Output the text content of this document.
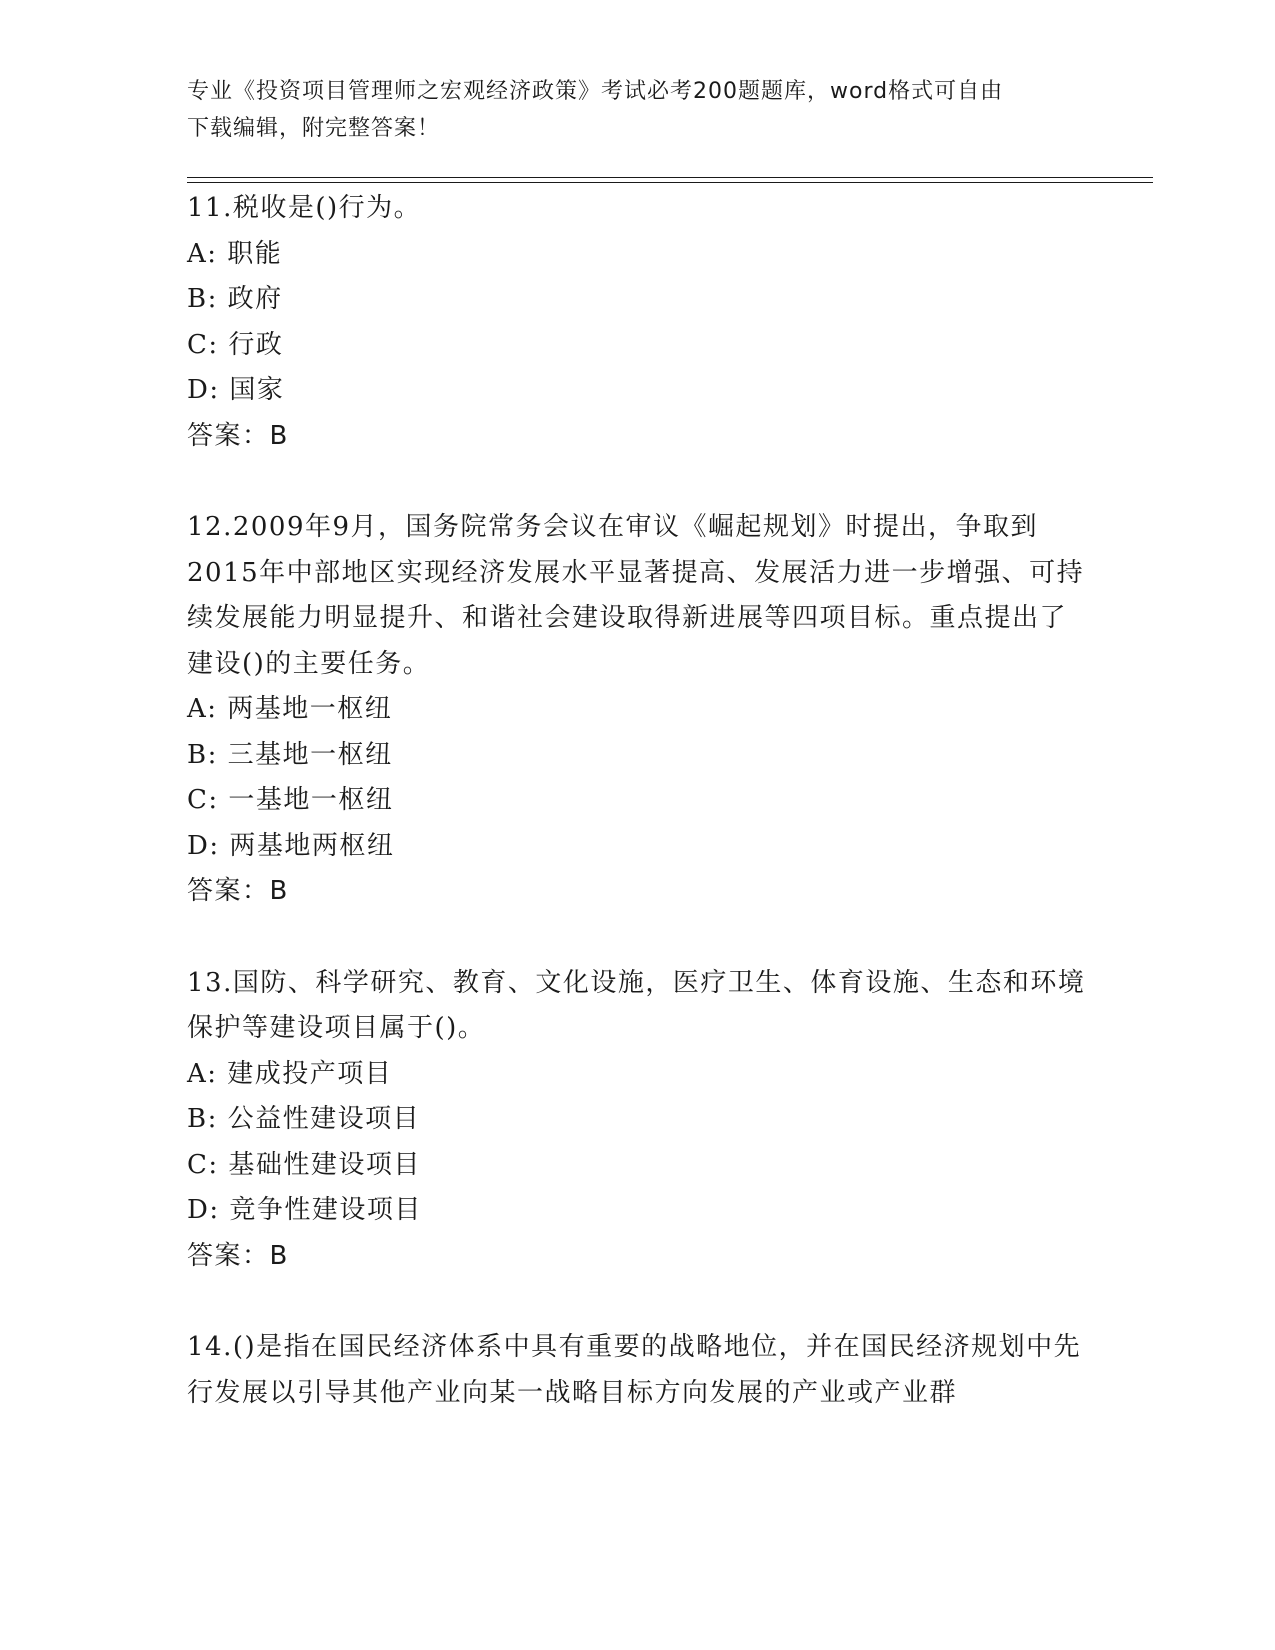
专业《投资项目管理师之宏观经济政策》考试必考200题题库，word格式可自由
下载编辑，附完整答案！
11.税收是()行为。
A: 职能
B: 政府
C: 行政
D: 国家
答案：B
12.2009年9月，国务院常务会议在审议《崛起规划》时提出，争取到2015年中部地区实现经济发展水平显著提高、发展活力进一步增强、可持续发展能力明显提升、和谐社会建设取得新进展等四项目标。重点提出了建设()的主要任务。
A: 两基地一枢纽
B: 三基地一枢纽
C: 一基地一枢纽
D: 两基地两枢纽
答案：B
13.国防、科学研究、教育、文化设施，医疗卫生、体育设施、生态和环境保护等建设项目属于()。
A: 建成投产项目
B: 公益性建设项目
C: 基础性建设项目
D: 竞争性建设项目
答案：B
14.()是指在国民经济体系中具有重要的战略地位，并在国民经济规划中先行发展以引导其他产业向某一战略目标方向发展的产业或产业群
